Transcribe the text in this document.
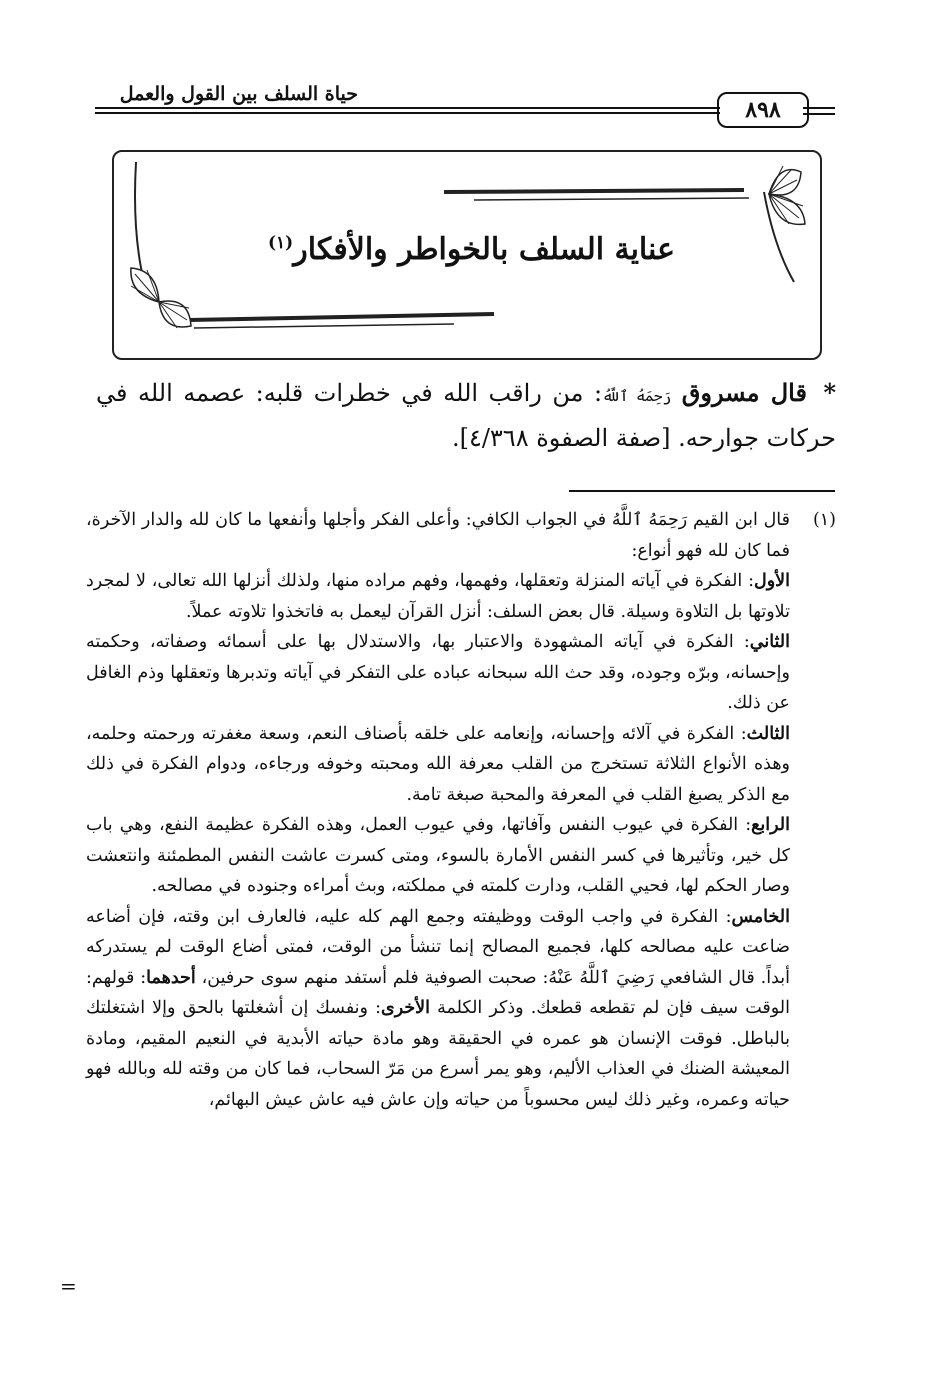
حياة السلف بين القول والعمل
٨٩٨
عناية السلف بالخواطر والأفكار$^{(١)}$
* قال مسروق رَحِمَهُ ٱللَّهُ: من راقب الله في خطرات قلبه: عصمه الله في حركات جوارحه. [صفة الصفوة ٤/٣٦٨].
(١)

قال ابن القيم رَحِمَهُ ٱللَّهُ في الجواب الكافي: وأعلى الفكر وأجلها وأنفعها ما كان لله والدار الآخرة، فما كان لله فهو أنواع:

الأول: الفكرة في آياته المنزلة وتعقلها، وفهمها، وفهم مراده منها، ولذلك أنزلها الله تعالى، لا لمجرد تلاوتها بل التلاوة وسيلة. قال بعض السلف: أنزل القرآن ليعمل به فاتخذوا تلاوته عملاً.

الثاني: الفكرة في آياته المشهودة والاعتبار بها، والاستدلال بها على أسمائه وصفاته، وحكمته وإحسانه، وبرّه وجوده، وقد حث الله سبحانه عباده على التفكر في آياته وتدبرها وتعقلها وذم الغافل عن ذلك.

الثالث: الفكرة في آلائه وإحسانه، وإنعامه على خلقه بأصناف النعم، وسعة مغفرته ورحمته وحلمه، وهذه الأنواع الثلاثة تستخرج من القلب معرفة الله ومحبته وخوفه ورجاءه، ودوام الفكرة في ذلك مع الذكر يصبغ القلب في المعرفة والمحبة صبغة تامة.

الرابع: الفكرة في عيوب النفس وآفاتها، وفي عيوب العمل، وهذه الفكرة عظيمة النفع، وهي باب كل خير، وتأثيرها في كسر النفس الأمارة بالسوء، ومتى كسرت عاشت النفس المطمئنة وانتعشت وصار الحكم لها، فحيي القلب، ودارت كلمته في مملكته، وبث أمراءه وجنوده في مصالحه.

الخامس: الفكرة في واجب الوقت ووظيفته وجمع الهم كله عليه، فالعارف ابن وقته، فإن أضاعه ضاعت عليه مصالحه كلها، فجميع المصالح إنما تنشأ من الوقت، فمتى أضاع الوقت لم يستدركه أبداً. قال الشافعي رَضِيَ ٱللَّهُ عَنْهُ: صحبت الصوفية فلم أستفد منهم سوى حرفين، أحدهما: قولهم: الوقت سيف فإن لم تقطعه قطعك. وذكر الكلمة الأخرى: ونفسك إن أشغلتها بالحق وإلا اشتغلتك بالباطل. فوقت الإنسان هو عمره في الحقيقة وهو مادة حياته الأبدية في النعيم المقيم، ومادة المعيشة الضنك في العذاب الأليم، وهو يمر أسرع من مَرّ السحاب، فما كان من وقته لله وبالله فهو حياته وعمره، وغير ذلك ليس محسوباً من حياته وإن عاش فيه عاش عيش البهائم،

=
